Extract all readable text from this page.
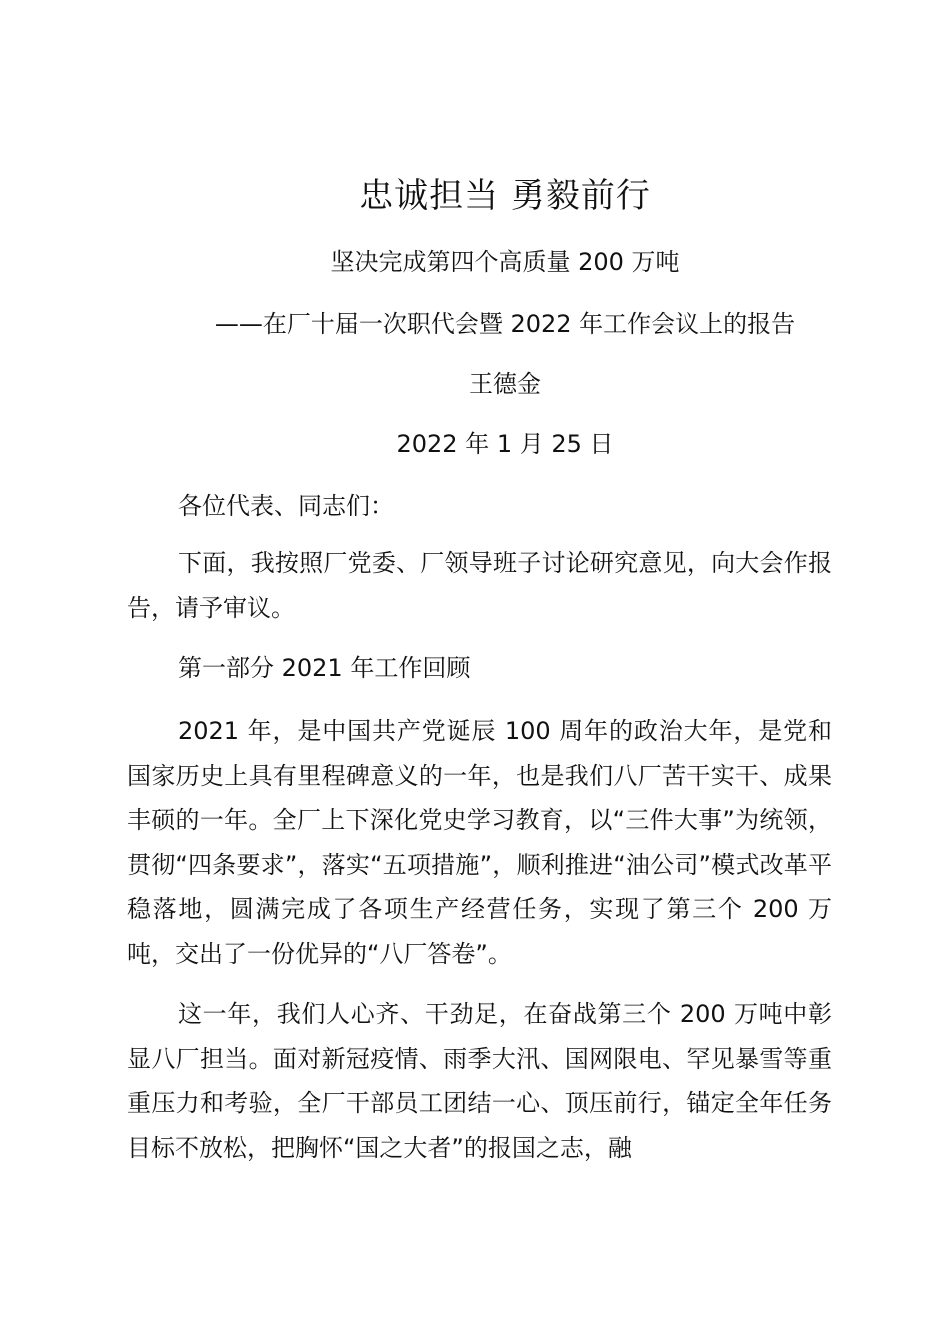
忠诚担当 勇毅前行
坚决完成第四个高质量 200 万吨
——在厂十届一次职代会暨 2022 年工作会议上的报告
王德金
2022 年 1 月 25 日

各位代表、同志们：

下面，我按照厂党委、厂领导班子讨论研究意见，向大会作报告，请予审议。

第一部分 2021 年工作回顾

2021 年，是中国共产党诞辰 100 周年的政治大年，是党和国家历史上具有里程碑意义的一年，也是我们八厂苦干实干、成果丰硕的一年。全厂上下深化党史学习教育，以“三件大事”为统领，贯彻“四条要求”，落实“五项措施”，顺利推进“油公司”模式改革平稳落地，圆满完成了各项生产经营任务，实现了第三个 200 万吨，交出了一份优异的“八厂答卷”。

这一年，我们人心齐、干劲足，在奋战第三个 200 万吨中彰显八厂担当。面对新冠疫情、雨季大汛、国网限电、罕见暴雪等重重压力和考验，全厂干部员工团结一心、顶压前行，锚定全年任务目标不放松，把胸怀“国之大者”的报国之志，融
